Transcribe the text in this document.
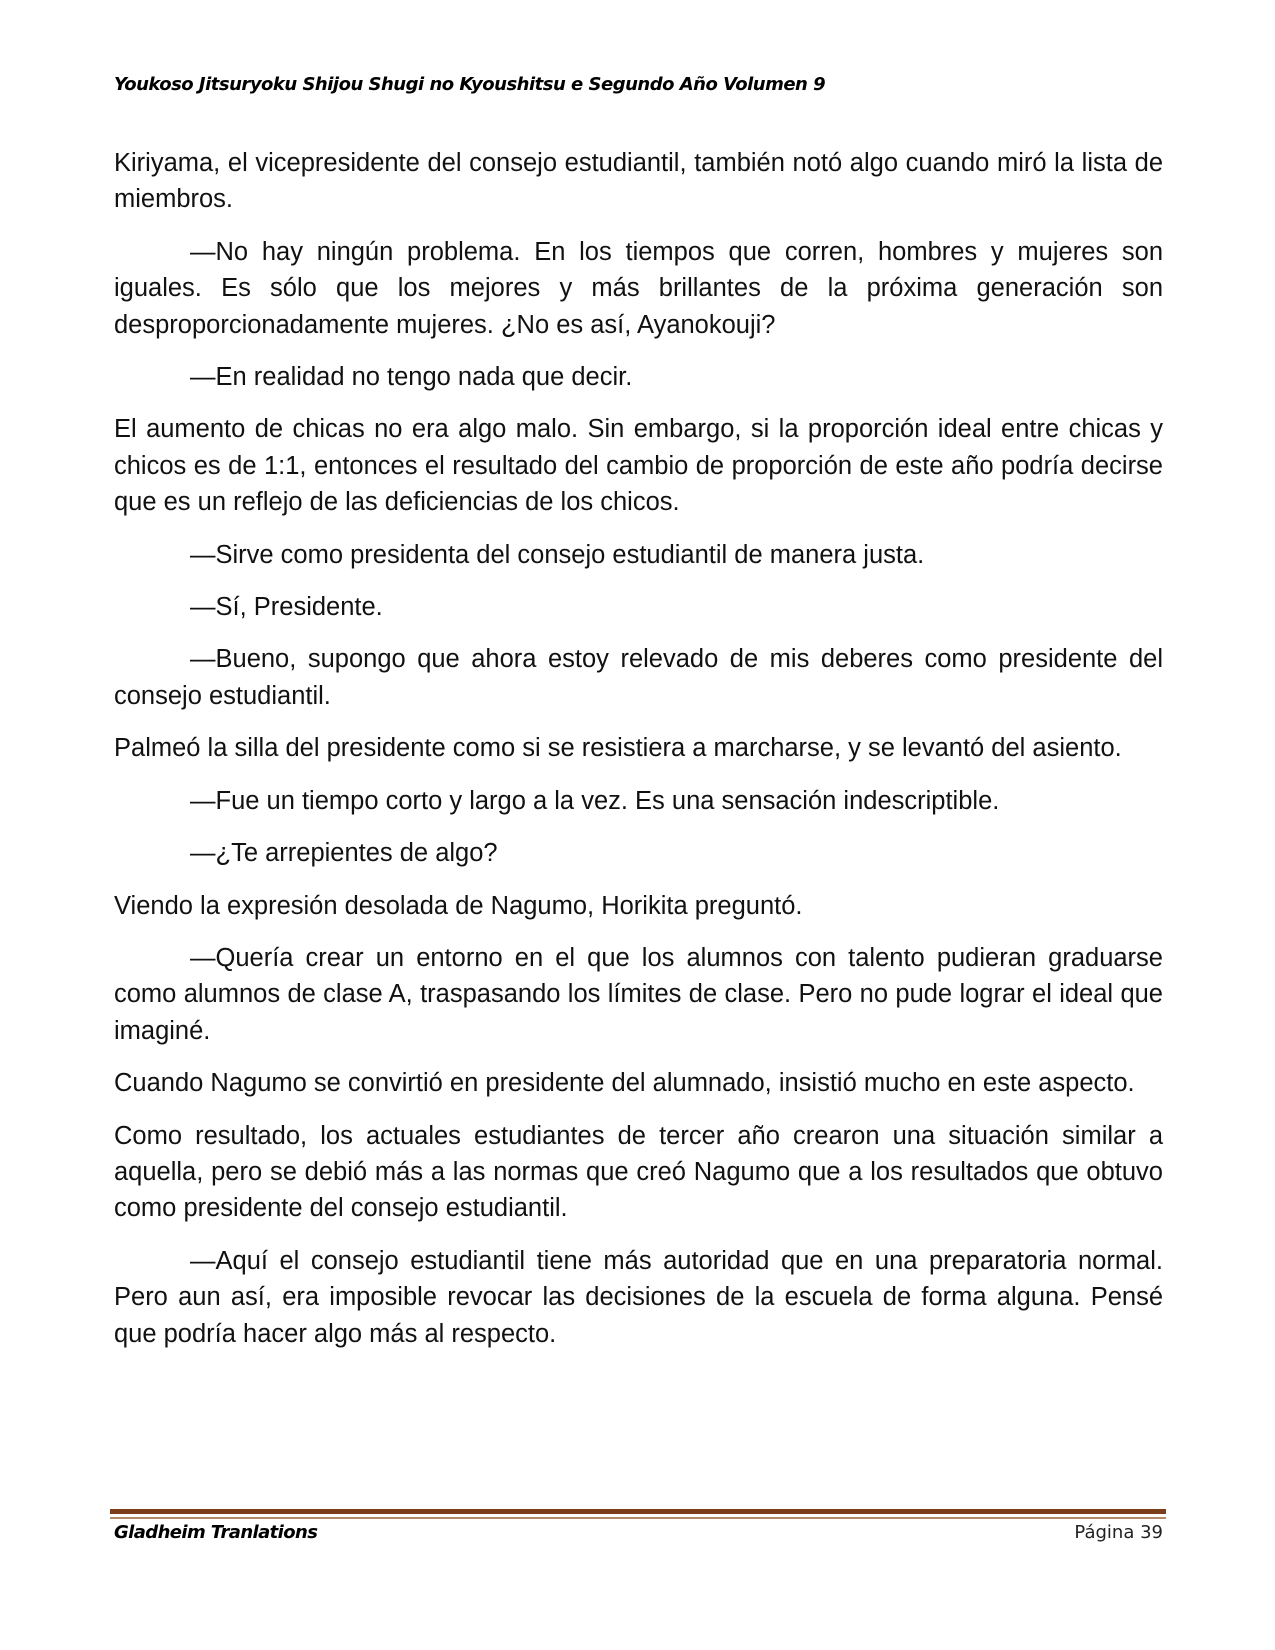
Youkoso Jitsuryoku Shijou Shugi no Kyoushitsu e Segundo Año Volumen 9

Kiriyama, el vicepresidente del consejo estudiantil, también notó algo cuando miró la lista de miembros.

—No hay ningún problema. En los tiempos que corren, hombres y mujeres son iguales. Es sólo que los mejores y más brillantes de la próxima generación son desproporcionadamente mujeres. ¿No es así, Ayanokouji?

—En realidad no tengo nada que decir.

El aumento de chicas no era algo malo. Sin embargo, si la proporción ideal entre chicas y chicos es de 1:1, entonces el resultado del cambio de proporción de este año podría decirse que es un reflejo de las deficiencias de los chicos.

—Sirve como presidenta del consejo estudiantil de manera justa.

—Sí, Presidente.

—Bueno, supongo que ahora estoy relevado de mis deberes como presidente del consejo estudiantil.

Palmeó la silla del presidente como si se resistiera a marcharse, y se levantó del asiento.

—Fue un tiempo corto y largo a la vez. Es una sensación indescriptible.

—¿Te arrepientes de algo?

Viendo la expresión desolada de Nagumo, Horikita preguntó.

—Quería crear un entorno en el que los alumnos con talento pudieran graduarse como alumnos de clase A, traspasando los límites de clase. Pero no pude lograr el ideal que imaginé.

Cuando Nagumo se convirtió en presidente del alumnado, insistió mucho en este aspecto.

Como resultado, los actuales estudiantes de tercer año crearon una situación similar a aquella, pero se debió más a las normas que creó Nagumo que a los resultados que obtuvo como presidente del consejo estudiantil.

—Aquí el consejo estudiantil tiene más autoridad que en una preparatoria normal. Pero aun así, era imposible revocar las decisiones de la escuela de forma alguna. Pensé que podría hacer algo más al respecto.

Gladheim Tranlations	Página 39
